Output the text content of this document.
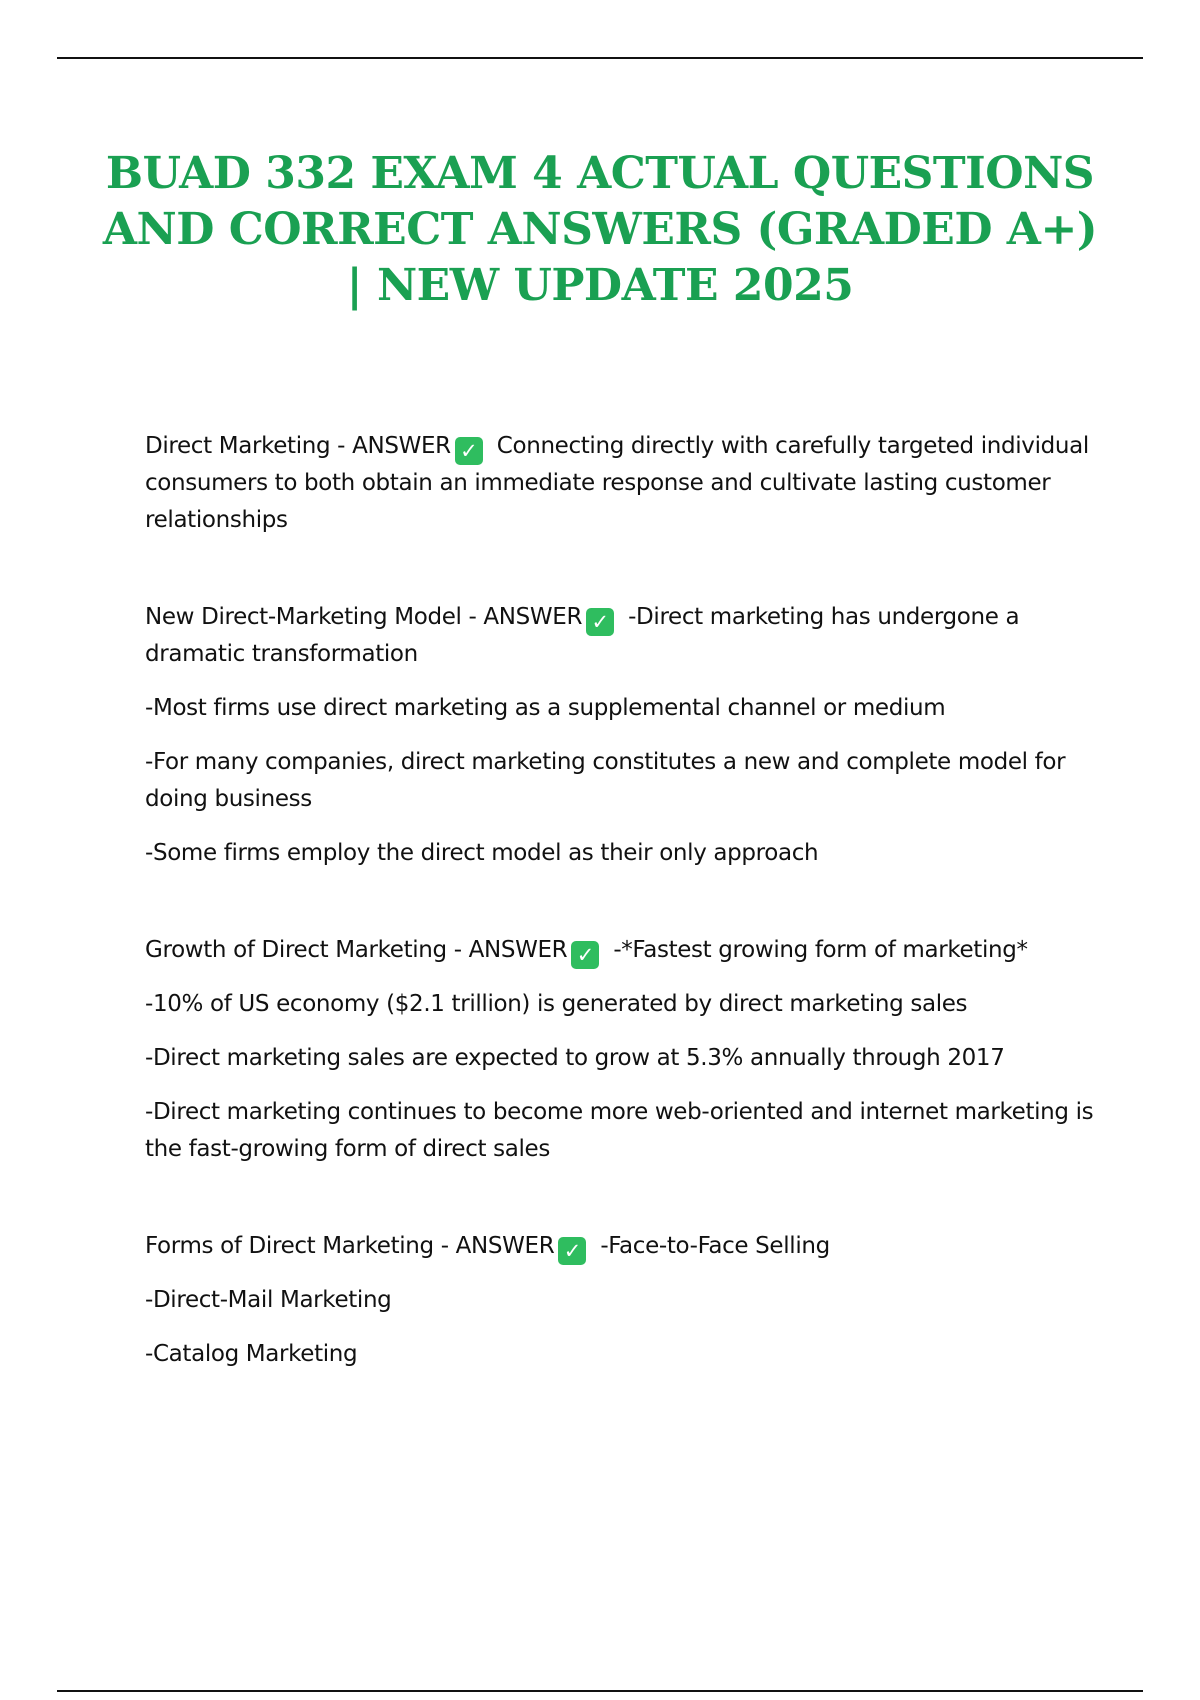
BUAD 332 EXAM 4 ACTUAL QUESTIONS
AND CORRECT ANSWERS (GRADED A+)
| NEW UPDATE 2025

Direct Marketing - ANSWER ✓ Connecting directly with carefully targeted individual consumers to both obtain an immediate response and cultivate lasting customer relationships

New Direct-Marketing Model - ANSWER ✓ -Direct marketing has undergone a dramatic transformation

-Most firms use direct marketing as a supplemental channel or medium

-For many companies, direct marketing constitutes a new and complete model for doing business

-Some firms employ the direct model as their only approach

Growth of Direct Marketing - ANSWER ✓ -*Fastest growing form of marketing*

-10% of US economy ($2.1 trillion) is generated by direct marketing sales

-Direct marketing sales are expected to grow at 5.3% annually through 2017

-Direct marketing continues to become more web-oriented and internet marketing is the fast-growing form of direct sales

Forms of Direct Marketing - ANSWER ✓ -Face-to-Face Selling

-Direct-Mail Marketing

-Catalog Marketing
